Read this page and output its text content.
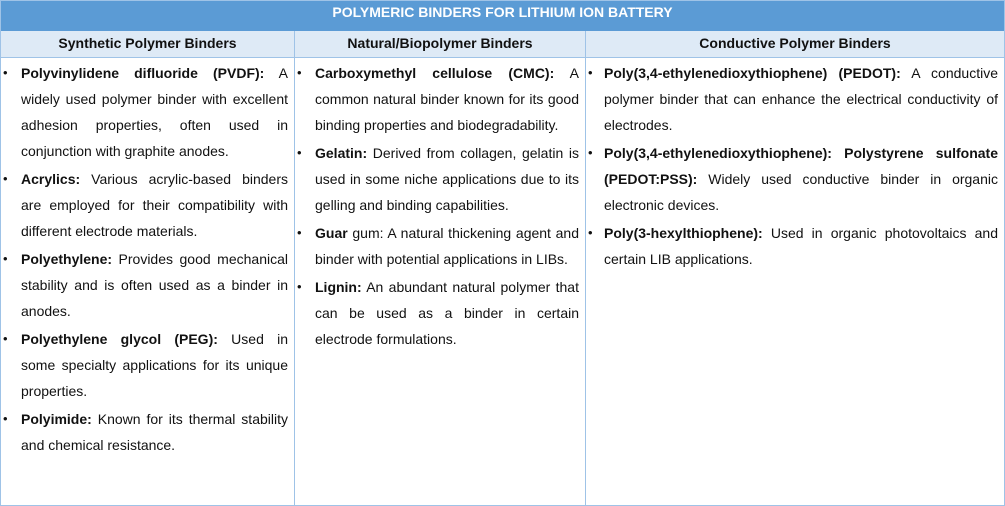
POLYMERIC BINDERS FOR LITHIUM ION BATTERY
Synthetic Polymer Binders	Natural/Biopolymer Binders	Conductive Polymer Binders
• Polyvinylidene difluoride (PVDF): A widely used polymer binder with excellent adhesion properties, often used in conjunction with graphite anodes.
• Acrylics: Various acrylic-based binders are employed for their compatibility with different electrode materials.
• Polyethylene: Provides good mechanical stability and is often used as a binder in anodes.
• Polyethylene glycol (PEG): Used in some specialty applications for its unique properties.
• Polyimide: Known for its thermal stability and chemical resistance.
• Carboxymethyl cellulose (CMC): A common natural binder known for its good binding properties and biodegradability.
• Gelatin: Derived from collagen, gelatin is used in some niche applications due to its gelling and binding capabilities.
• Guar gum: A natural thickening agent and binder with potential applications in LIBs.
• Lignin: An abundant natural polymer that can be used as a binder in certain electrode formulations.
• Poly(3,4-ethylenedioxythiophene) (PEDOT): A conductive polymer binder that can enhance the electrical conductivity of electrodes.
• Poly(3,4-ethylenedioxythiophene): Polystyrene sulfonate (PEDOT:PSS): Widely used conductive binder in organic electronic devices.
• Poly(3-hexylthiophene): Used in organic photovoltaics and certain LIB applications.
